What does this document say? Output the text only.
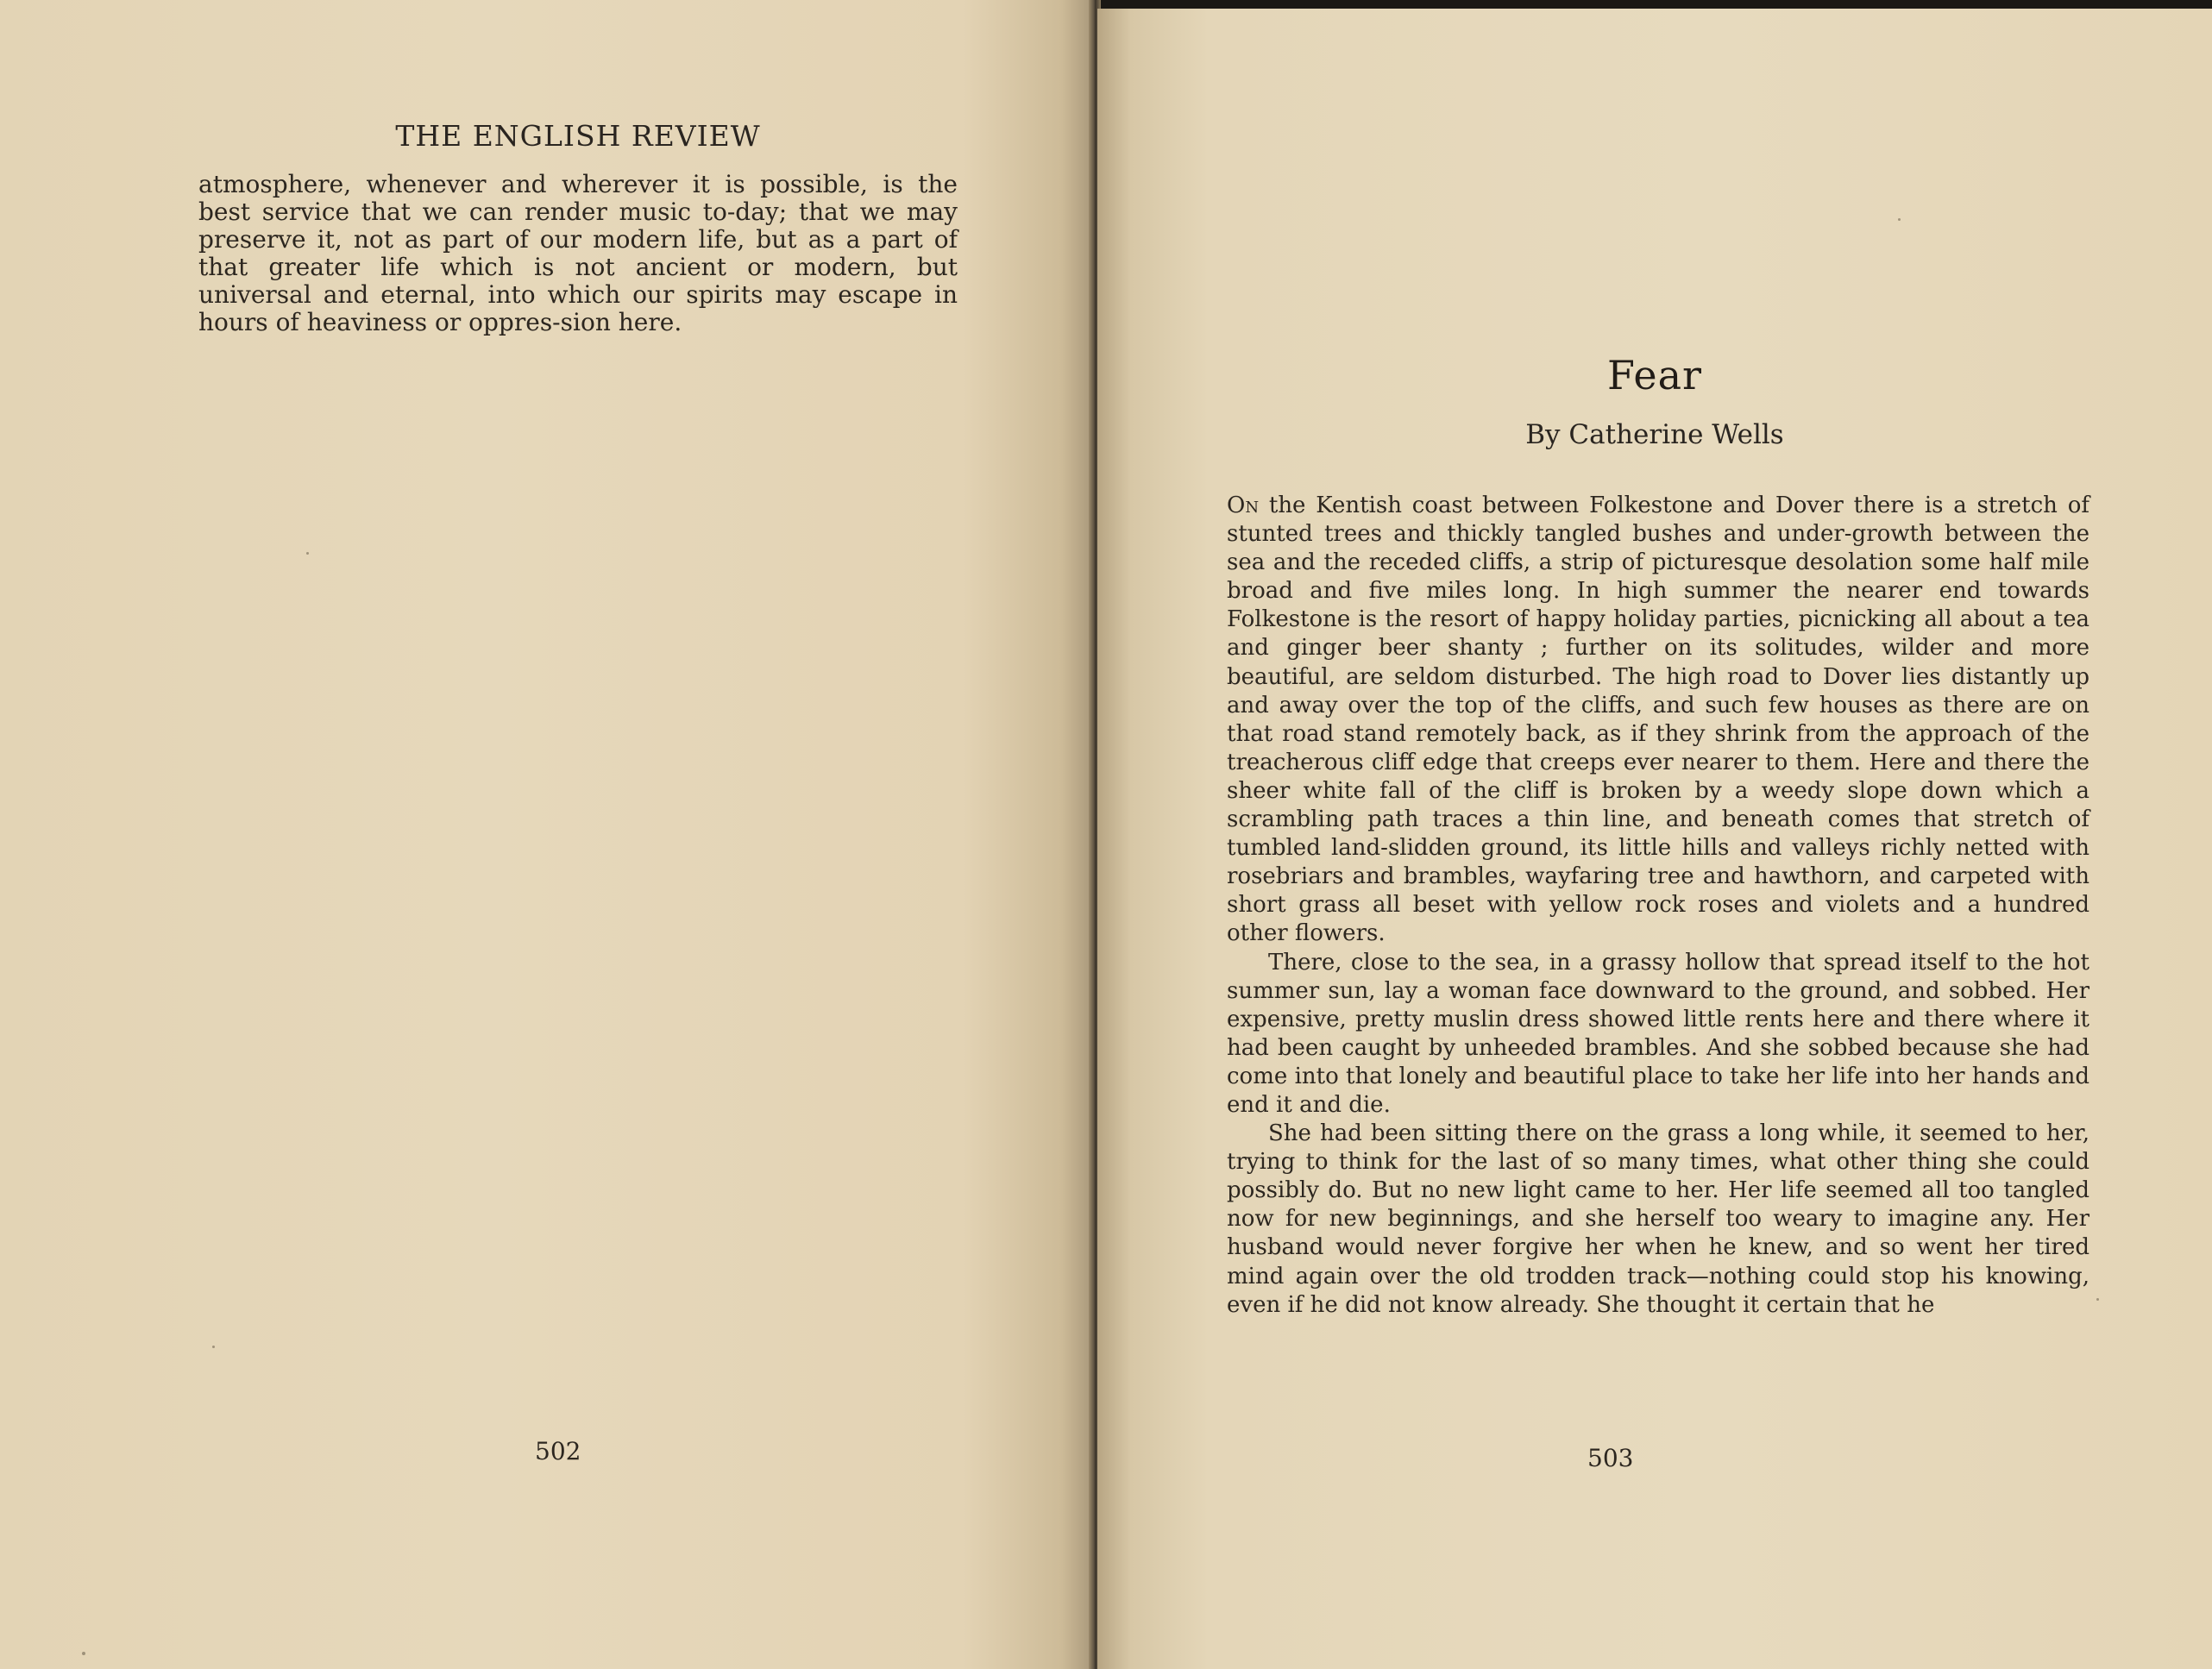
THE ENGLISH REVIEW

atmosphere, whenever and wherever it is possible, is the best service that we can render music to-day; that we may preserve it, not as part of our modern life, but as a part of that greater life which is not ancient or modern, but universal and eternal, into which our spirits may escape in hours of heaviness or oppres-sion here.

502
Fear
By Catherine Wells

On the Kentish coast between Folkestone and Dover there is a stretch of stunted trees and thickly tangled bushes and under-growth between the sea and the receded cliffs, a strip of picturesque desolation some half mile broad and five miles long. In high summer the nearer end towards Folkestone is the resort of happy holiday parties, picnicking all about a tea and ginger beer shanty ; further on its solitudes, wilder and more beautiful, are seldom disturbed. The high road to Dover lies distantly up and away over the top of the cliffs, and such few houses as there are on that road stand remotely back, as if they shrink from the approach of the treacherous cliff edge that creeps ever nearer to them. Here and there the sheer white fall of the cliff is broken by a weedy slope down which a scrambling path traces a thin line, and beneath comes that stretch of tumbled land-slidden ground, its little hills and valleys richly netted with rosebriars and brambles, wayfaring tree and hawthorn, and carpeted with short grass all beset with yellow rock roses and violets and a hundred other flowers.

There, close to the sea, in a grassy hollow that spread itself to the hot summer sun, lay a woman face downward to the ground, and sobbed. Her expensive, pretty muslin dress showed little rents here and there where it had been caught by unheeded brambles. And she sobbed because she had come into that lonely and beautiful place to take her life into her hands and end it and die.

She had been sitting there on the grass a long while, it seemed to her, trying to think for the last of so many times, what other thing she could possibly do. But no new light came to her. Her life seemed all too tangled now for new beginnings, and she herself too weary to imagine any. Her husband would never forgive her when he knew, and so went her tired mind again over the old trodden track—nothing could stop his knowing, even if he did not know already. She thought it certain that he

503
